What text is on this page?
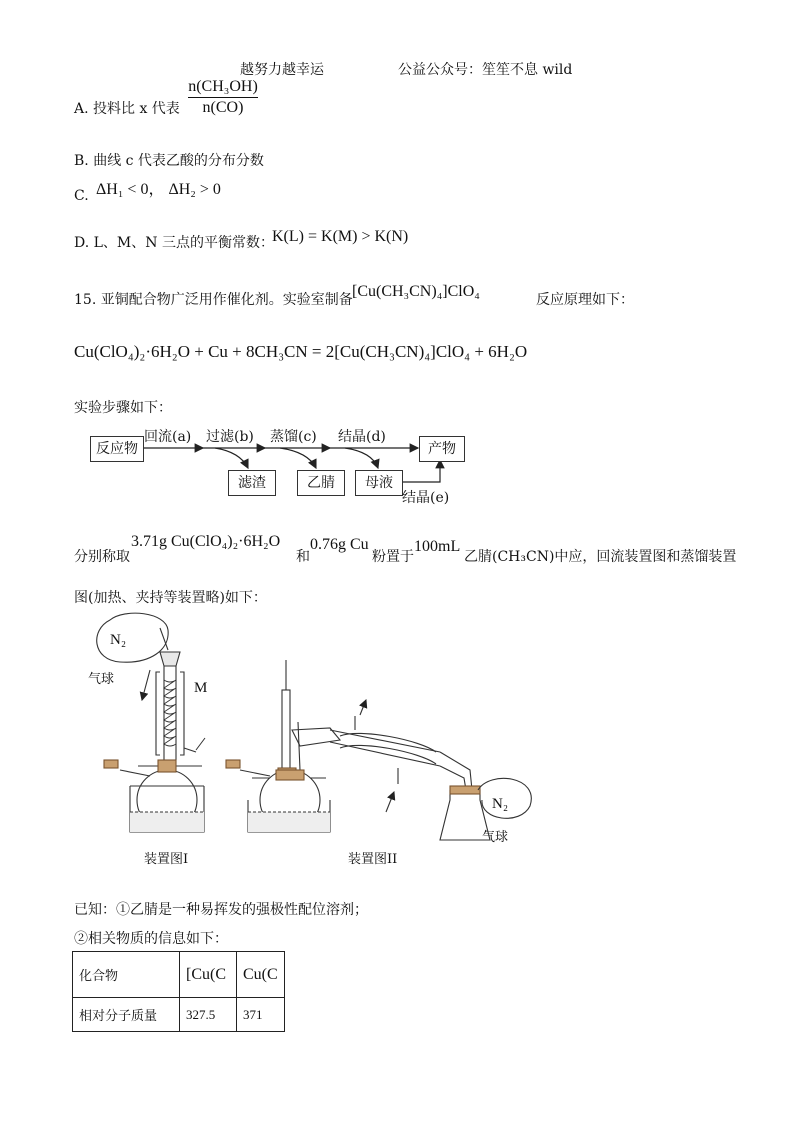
越努力越幸运	公益公众号：笙笙不息 wild
A. 投料比 x 代表
n(CH₃OH)
n(CO)
B. 曲线 c 代表乙酸的分布分数
C. ΔH₁ < 0， ΔH₂ > 0
D. L、M、N 三点的平衡常数：
K(L) = K(M) > K(N)
15. 亚铜配合物广泛用作催化剂。实验室制备 [Cu(CH₃CN)₄]ClO₄	反应原理如下：
Cu(ClO₄)₂·6H₂O + Cu + 8CH₃CN = 2[Cu(CH₃CN)₄]ClO₄ + 6H₂O
实验步骤如下：
反应物
回流(a) 过滤(b) 蒸馏(c) 结晶(d)
产物
滤渣	乙腈	母液
结晶(e)
分别称取
3.71g Cu(ClO₄)₂·6H₂O
和
0.76g Cu
粉置于
100mL
乙腈(CH₃CN)中应，回流装置图和蒸馏装置
图(加热、夹持等装置略)如下：
N₂
气球
M
装置图I	装置图II
N₂
气球
已知：①乙腈是一种易挥发的强极性配位溶剂；
②相关物质的信息如下：
化合物	[Cu(C	Cu(C
相对分子质量	327.5	371
